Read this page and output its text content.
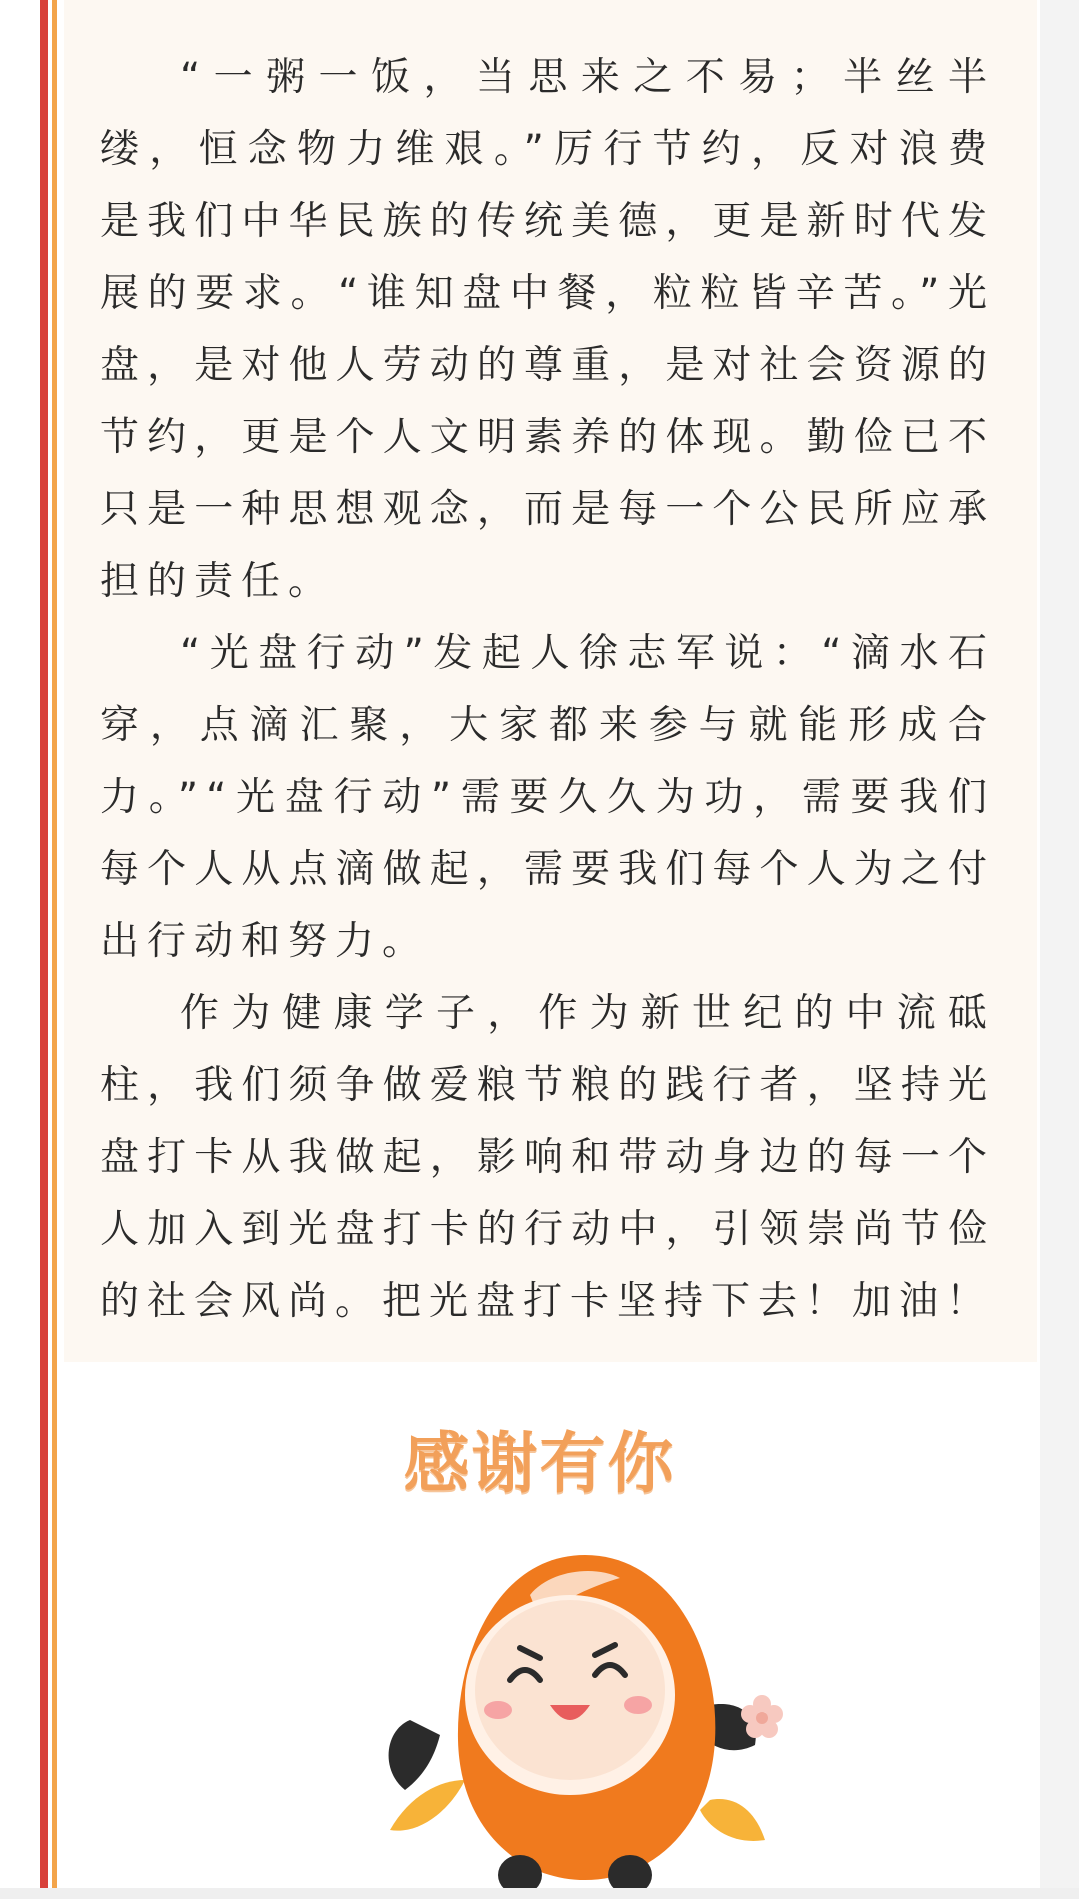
“一粥一饭，当思来之不易；半丝半缕，恒念物力维艰。”厉行节约，反对浪费是我们中华民族的传统美德，更是新时代发展的要求。“谁知盘中餐，粒粒皆辛苦。”光盘，是对他人劳动的尊重，是对社会资源的节约，更是个人文明素养的体现。勤俭已不只是一种思想观念，而是每一个公民所应承担的责任。

“光盘行动”发起人徐志军说：“滴水石穿，点滴汇聚，大家都来参与就能形成合力。”“光盘行动”需要久久为功，需要我们每个人从点滴做起，需要我们每个人为之付出行动和努力。

作为健康学子，作为新世纪的中流砥柱，我们须争做爱粮节粮的践行者，坚持光盘打卡从我做起，影响和带动身边的每一个人加入到光盘打卡的行动中，引领崇尚节俭的社会风尚。把光盘打卡坚持下去！加油！

感谢有你
